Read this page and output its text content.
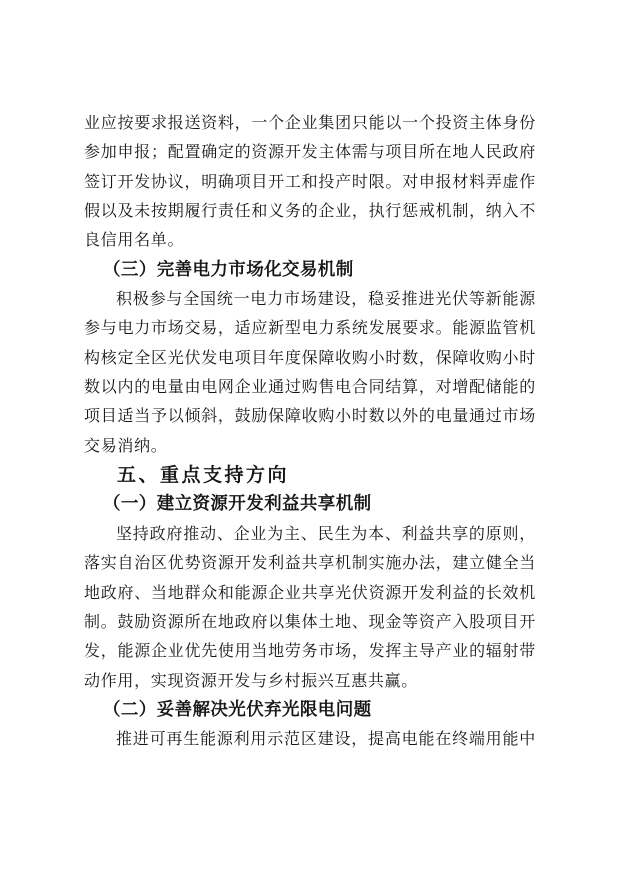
业应按要求报送资料，一个企业集团只能以一个投资主体身份
参加申报；配置确定的资源开发主体需与项目所在地人民政府
签订开发协议，明确项目开工和投产时限。对申报材料弄虚作
假以及未按期履行责任和义务的企业，执行惩戒机制，纳入不
良信用名单。
（三）完善电力市场化交易机制
积极参与全国统一电力市场建设，稳妥推进光伏等新能源
参与电力市场交易，适应新型电力系统发展要求。能源监管机
构核定全区光伏发电项目年度保障收购小时数，保障收购小时
数以内的电量由电网企业通过购售电合同结算，对增配储能的
项目适当予以倾斜，鼓励保障收购小时数以外的电量通过市场
交易消纳。
五、重点支持方向
（一）建立资源开发利益共享机制
坚持政府推动、企业为主、民生为本、利益共享的原则，
落实自治区优势资源开发利益共享机制实施办法，建立健全当
地政府、当地群众和能源企业共享光伏资源开发利益的长效机
制。鼓励资源所在地政府以集体土地、现金等资产入股项目开
发，能源企业优先使用当地劳务市场，发挥主导产业的辐射带
动作用，实现资源开发与乡村振兴互惠共赢。
（二）妥善解决光伏弃光限电问题
推进可再生能源利用示范区建设，提高电能在终端用能中
